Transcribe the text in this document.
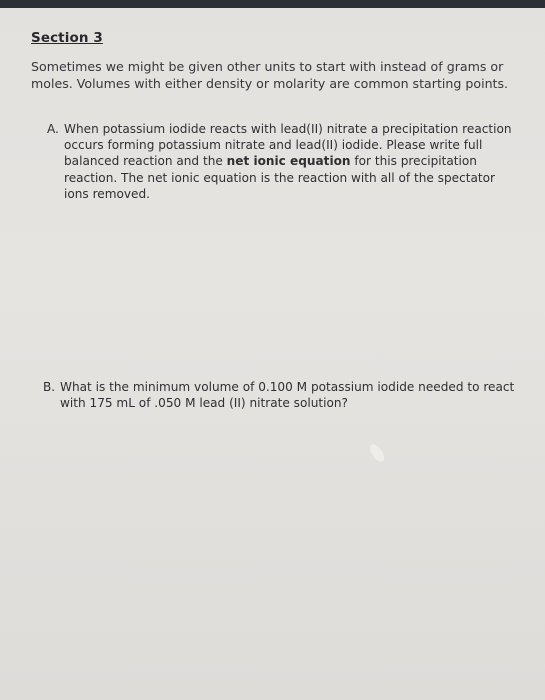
Section 3
Sometimes we might be given other units to start with instead of grams or moles. Volumes with either density or molarity are common starting points.
A. When potassium iodide reacts with lead(II) nitrate a precipitation reaction occurs forming potassium nitrate and lead(II) iodide. Please write full balanced reaction and the net ionic equation for this precipitation reaction. The net ionic equation is the reaction with all of the spectator ions removed.
B. What is the minimum volume of 0.100 M potassium iodide needed to react with 175 mL of .050 M lead (II) nitrate solution?
